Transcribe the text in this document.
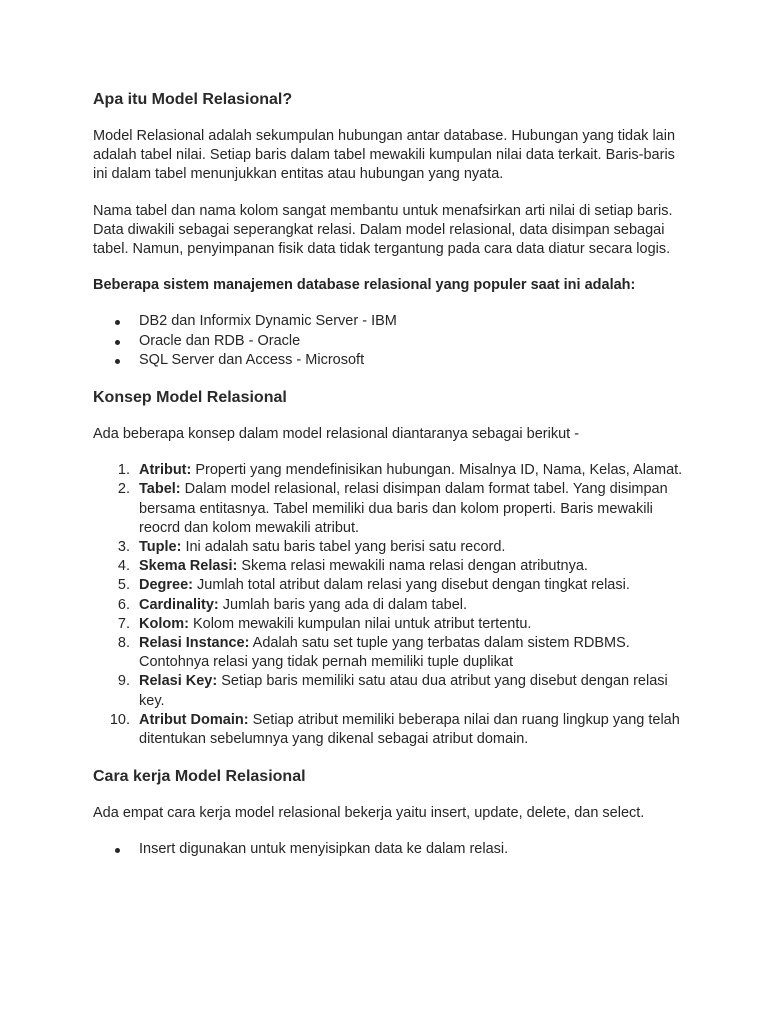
Apa itu Model Relasional?

Model Relasional adalah sekumpulan hubungan antar database. Hubungan yang tidak lain adalah tabel nilai. Setiap baris dalam tabel mewakili kumpulan nilai data terkait. Baris-baris ini dalam tabel menunjukkan entitas atau hubungan yang nyata.

Nama tabel dan nama kolom sangat membantu untuk menafsirkan arti nilai di setiap baris. Data diwakili sebagai seperangkat relasi. Dalam model relasional, data disimpan sebagai tabel. Namun, penyimpanan fisik data tidak tergantung pada cara data diatur secara logis.

Beberapa sistem manajemen database relasional yang populer saat ini adalah:

DB2 dan Informix Dynamic Server - IBM
Oracle dan RDB - Oracle
SQL Server dan Access - Microsoft
Konsep Model Relasional

Ada beberapa konsep dalam model relasional diantaranya sebagai berikut -

1. Atribut: Properti yang mendefinisikan hubungan. Misalnya ID, Nama, Kelas, Alamat.
2. Tabel: Dalam model relasional, relasi disimpan dalam format tabel. Yang disimpan bersama entitasnya. Tabel memiliki dua baris dan kolom properti. Baris mewakili reocrd dan kolom mewakili atribut.
3. Tuple: Ini adalah satu baris tabel yang berisi satu record.
4. Skema Relasi: Skema relasi mewakili nama relasi dengan atributnya.
5. Degree: Jumlah total atribut dalam relasi yang disebut dengan tingkat relasi.
6. Cardinality: Jumlah baris yang ada di dalam tabel.
7. Kolom: Kolom mewakili kumpulan nilai untuk atribut tertentu.
8. Relasi Instance: Adalah satu set tuple yang terbatas dalam sistem RDBMS. Contohnya relasi yang tidak pernah memiliki tuple duplikat
9. Relasi Key: Setiap baris memiliki satu atau dua atribut yang disebut dengan relasi key.
10. Atribut Domain: Setiap atribut memiliki beberapa nilai dan ruang lingkup yang telah ditentukan sebelumnya yang dikenal sebagai atribut domain.
Cara kerja Model Relasional

Ada empat cara kerja model relasional bekerja yaitu insert, update, delete, dan select.

Insert digunakan untuk menyisipkan data ke dalam relasi.
